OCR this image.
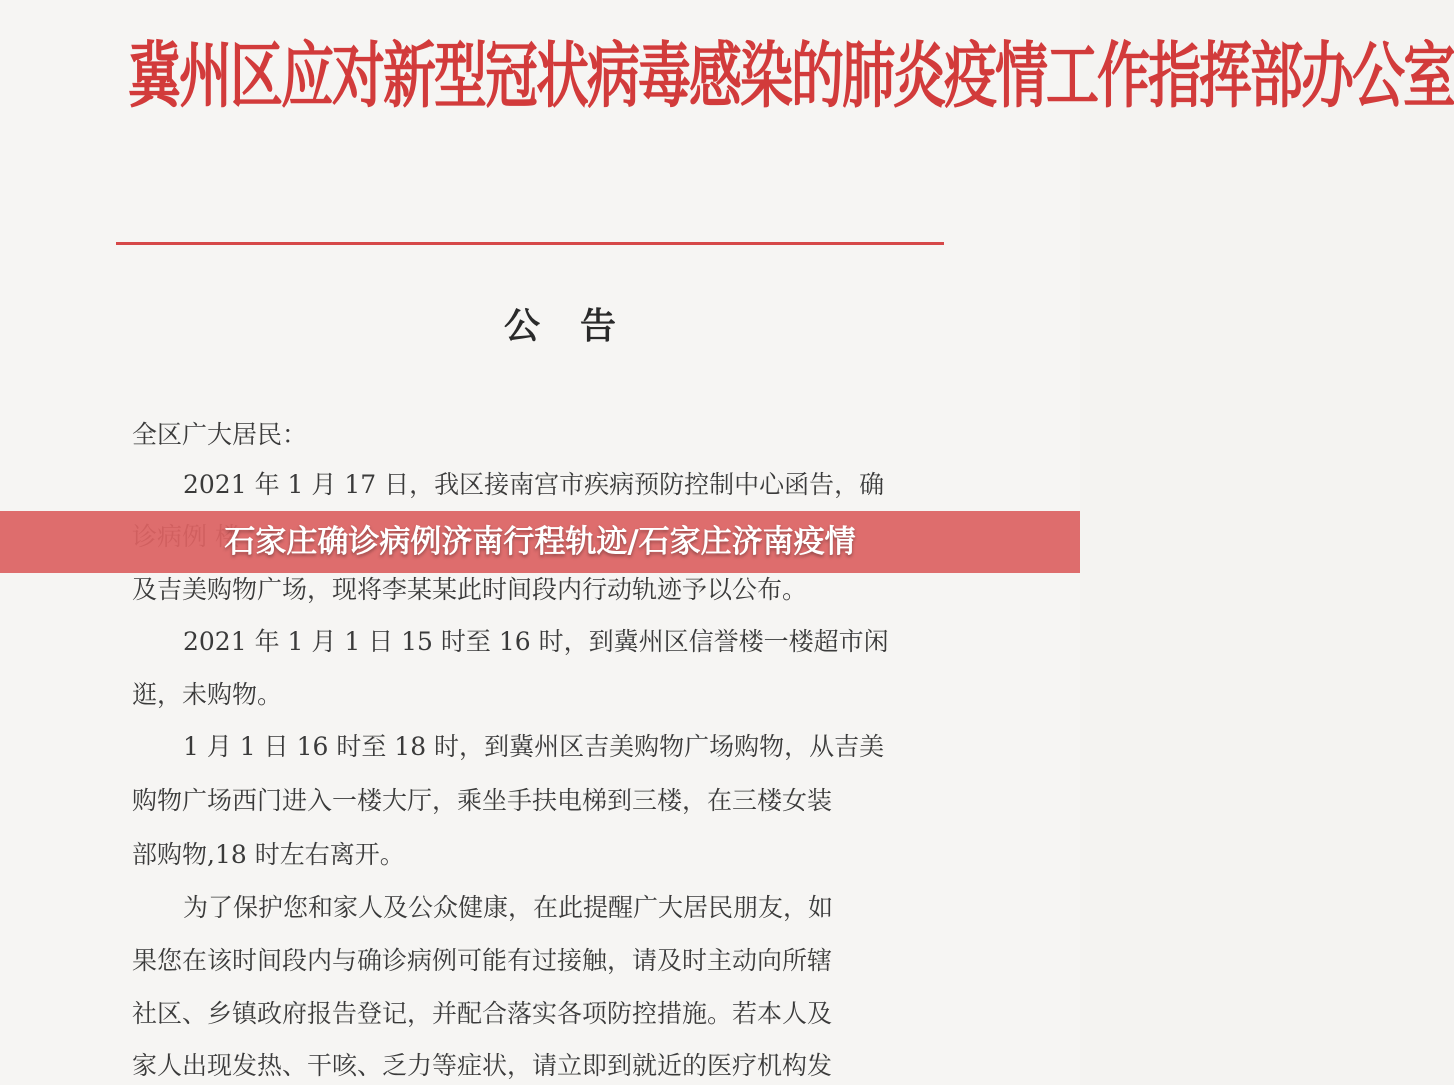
冀州区应对新型冠状病毒感染的肺炎疫情工作指挥部办公室
公告
全区广大居民：
2021 年 1 月 17 日，我区接南宫市疾病预防控制中心函告，确
及吉美购物广场，现将李某某此时间段内行动轨迹予以公布。
2021 年 1 月 1 日 15 时至 16 时，到冀州区信誉楼一楼超市闲
逛，未购物。
1 月 1 日 16 时至 18 时，到冀州区吉美购物广场购物，从吉美
购物广场西门进入一楼大厅，乘坐手扶电梯到三楼，在三楼女装
部购物,18 时左右离开。
为了保护您和家人及公众健康，在此提醒广大居民朋友，如
果您在该时间段内与确诊病例可能有过接触，请及时主动向所辖
社区、乡镇政府报告登记，并配合落实各项防控措施。若本人及
家人出现发热、干咳、乏力等症状，请立即到就近的医疗机构发
石家庄确诊病例济南行程轨迹/石家庄济南疫情
